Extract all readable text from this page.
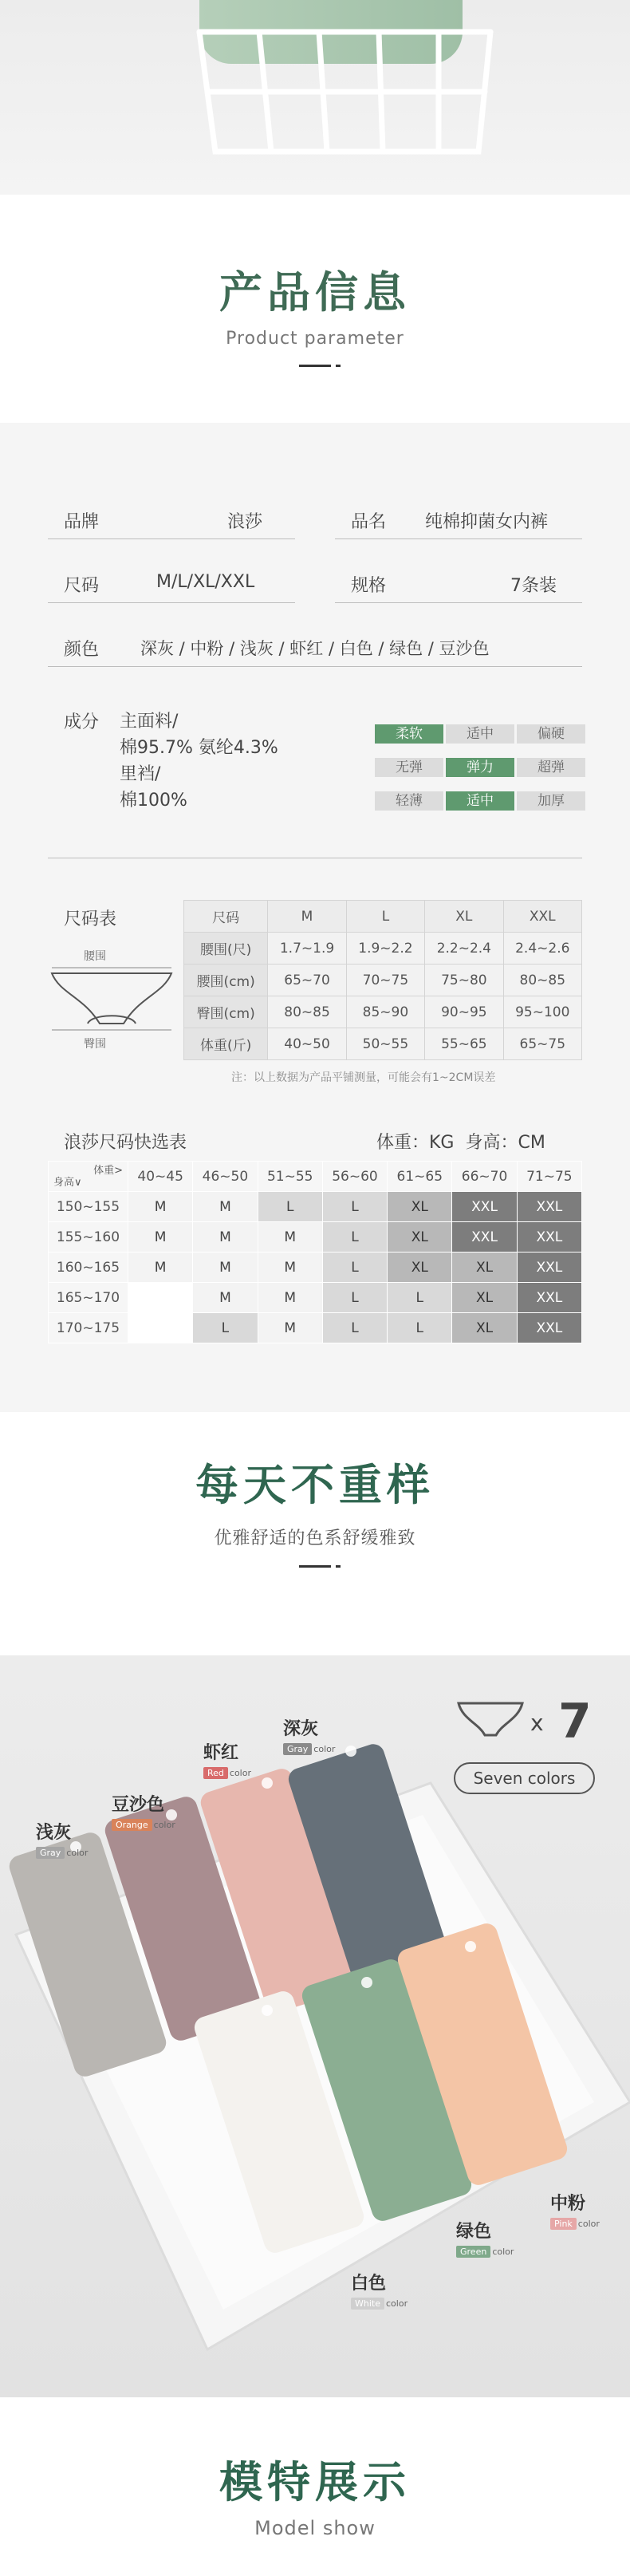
产品信息
Product parameter
品牌	浪莎	品名 纯棉抑菌女内裤
尺码	M/L/XL/XXL	规格	7条装
颜色 深灰 / 中粉 / 浅灰 / 虾红 / 白色 / 绿色 / 豆沙色
成分 主面料/
棉95.7% 氨纶4.3%
里裆/
棉100%
柔软	适中	偏硬
无弹	弹力	超弹
轻薄	适中	加厚
尺码表
腰围
臀围
尺码	M	L	XL	XXL
腰围(尺)	1.7~1.9	1.9~2.2	2.2~2.4	2.4~2.6
腰围(cm)	65~70	70~75	75~80	80~85
臀围(cm)	80~85	85~90	90~95	95~100
体重(斤)	40~50	50~55	55~65	65~75
注：以上数据为产品平铺测量，可能会有1~2CM误差
浪莎尺码快选表	体重：KG  身高：CM
体重>
身高∨	40~45	46~50	51~55	56~60	61~65	66~70	71~75
150~155	M	M	L	L	XL	XXL	XXL
155~160	M	M	M	L	XL	XXL	XXL
160~165	M	M	M	L	XL	XL	XXL
165~170		M	M	L	L	XL	XXL
170~175		L	M	L	L	XL	XXL
每天不重样
优雅舒适的色系舒缓雅致
x 7
Seven colors
浅灰
Gray color
豆沙色
Orange color
虾红
Red color
深灰
Gray color
中粉
Pink color
绿色
Green color
白色
White color
模特展示
Model show
